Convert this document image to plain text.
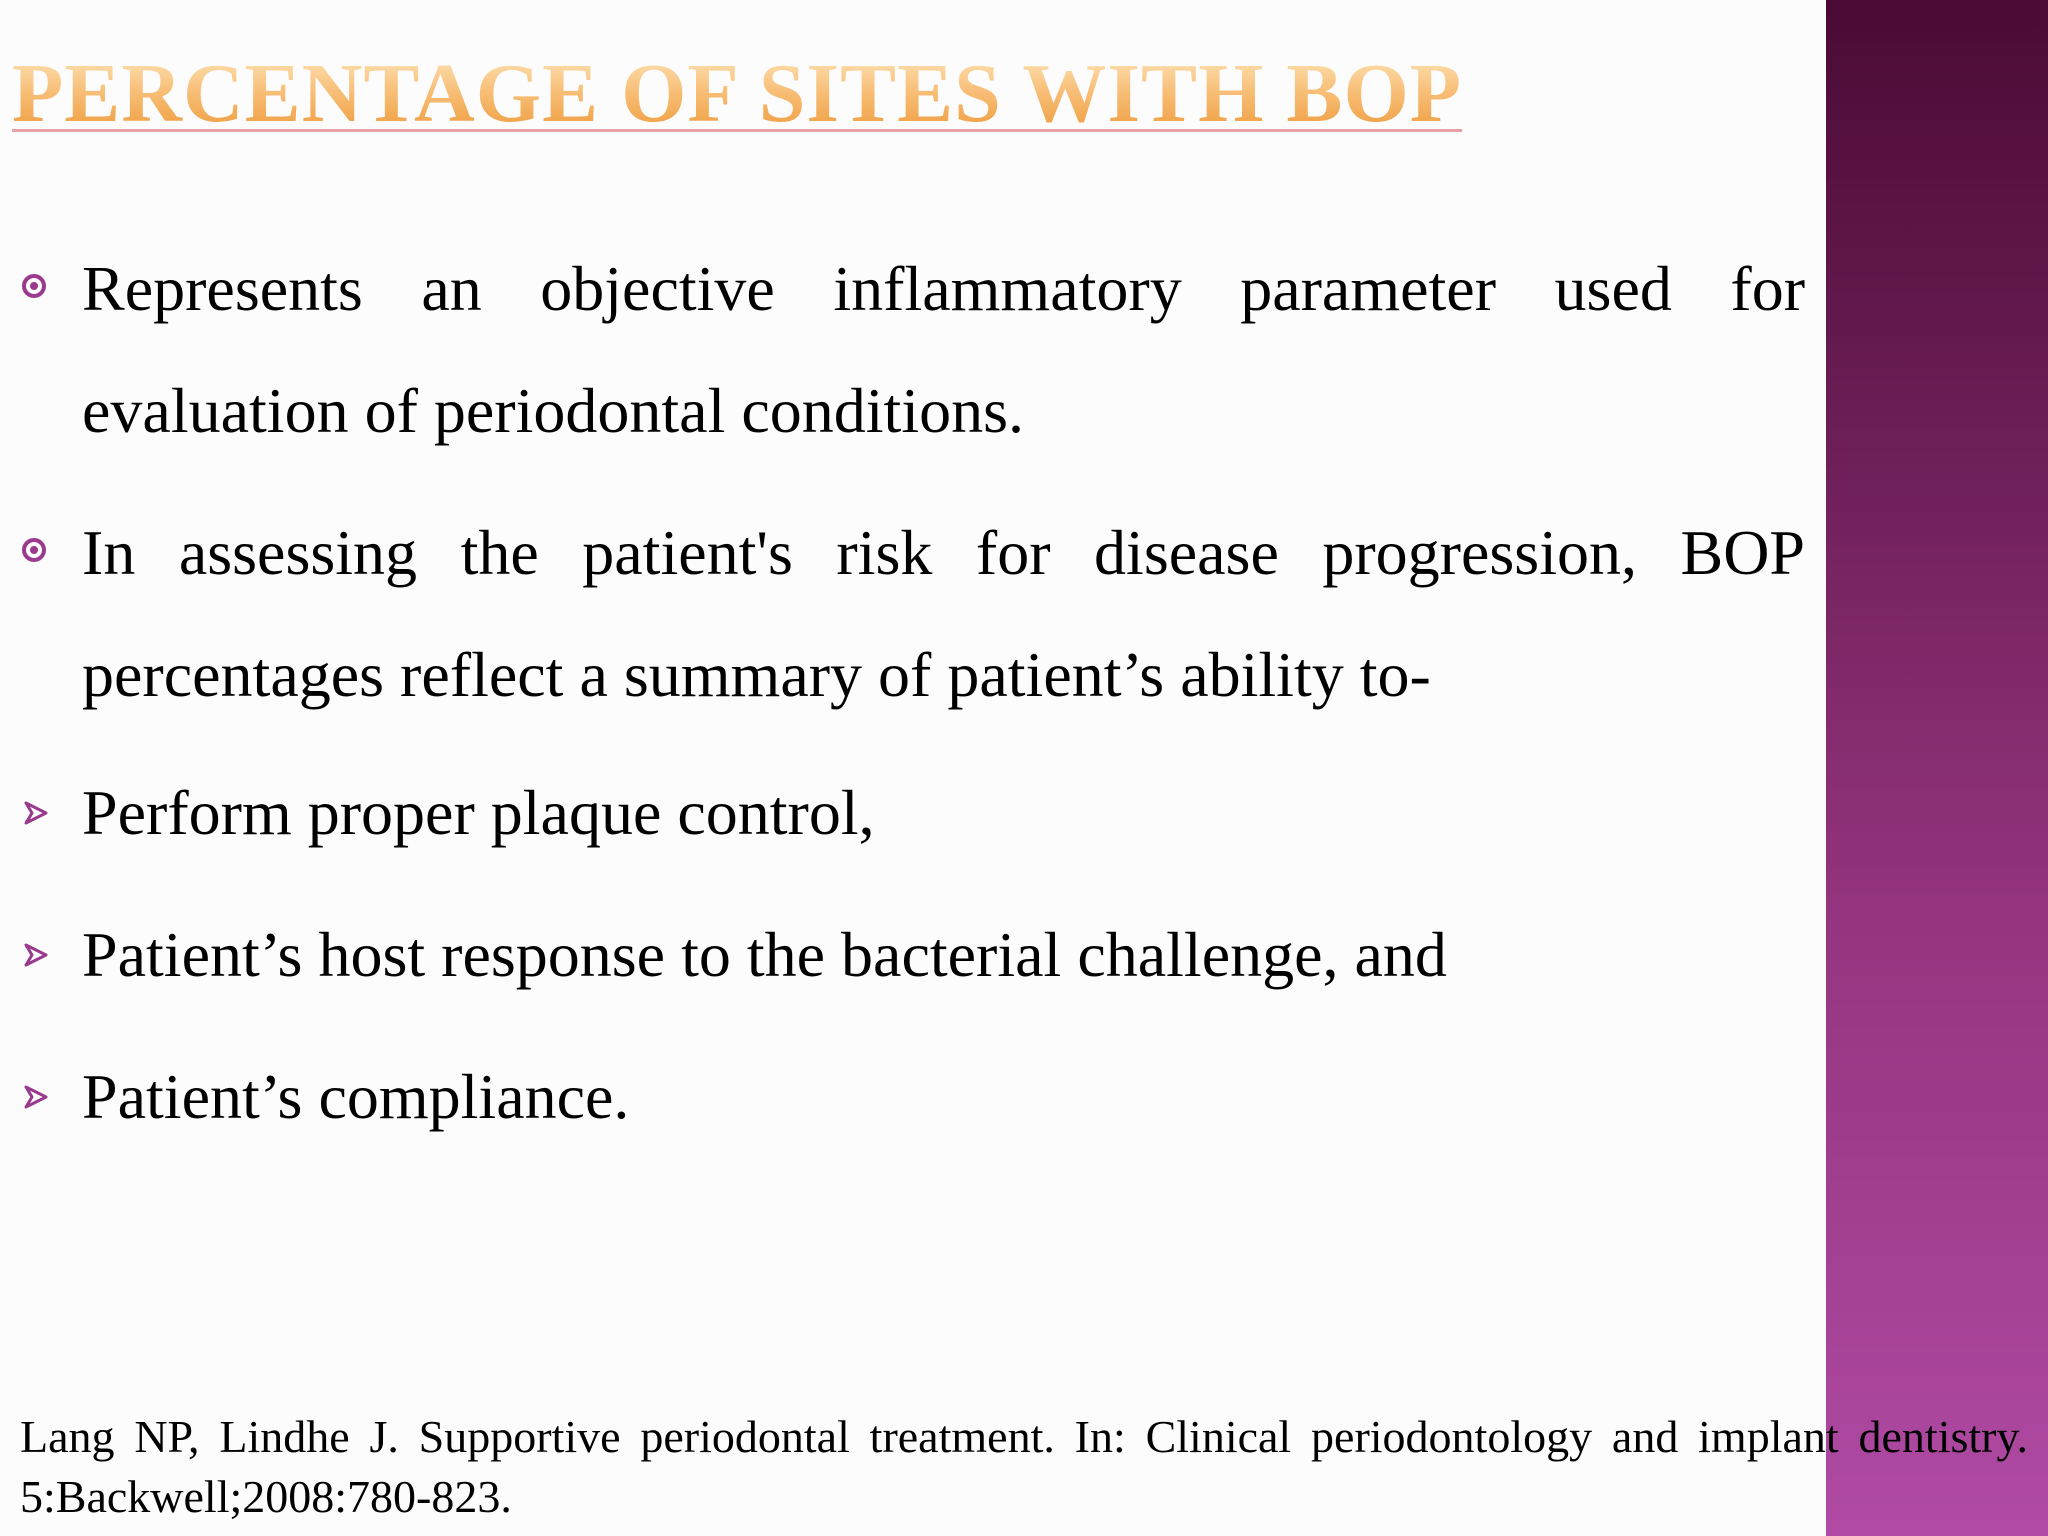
PERCENTAGE OF SITES WITH BOP
Represents an objective inflammatory parameter used for evaluation of periodontal conditions.
In assessing the patient's risk for disease progression, BOP percentages reflect a summary of patient’s ability to-
Perform proper plaque control,
Patient’s host response to the bacterial challenge, and
Patient’s compliance.
Lang NP, Lindhe J. Supportive periodontal treatment. In: Clinical periodontology and implant dentistry. 5:Backwell;2008:780-823.
